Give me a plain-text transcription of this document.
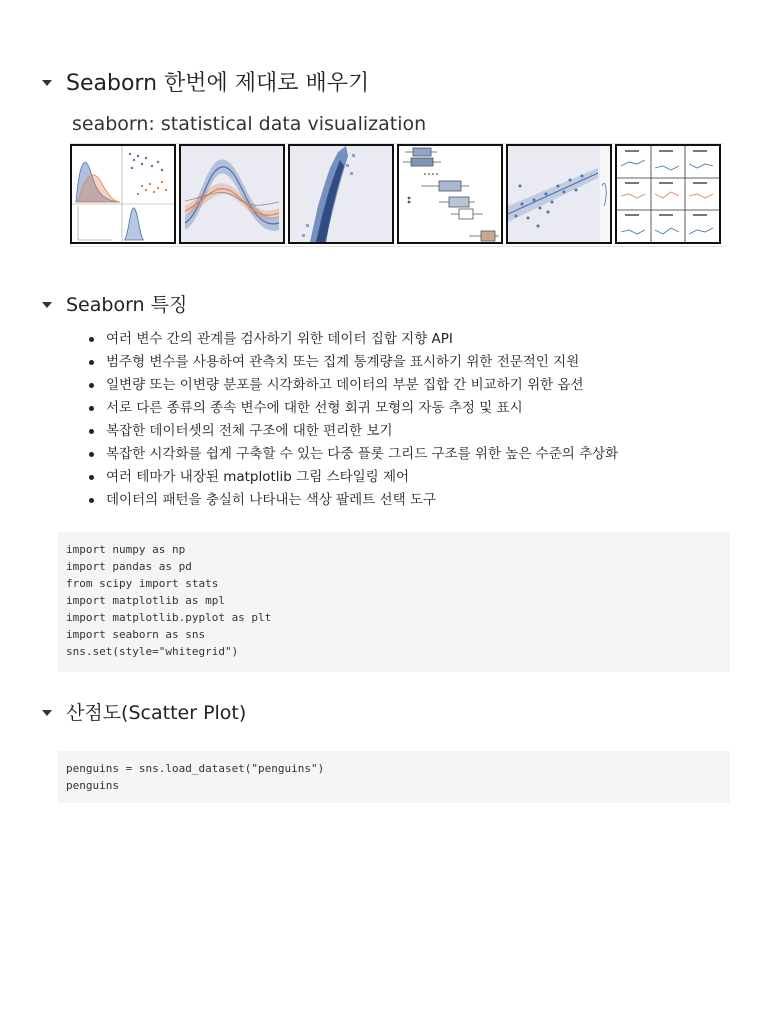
Seaborn 한번에 제대로 배우기
seaborn: statistical data visualization
Seaborn 특징
여러 변수 간의 관계를 검사하기 위한 데이터 집합 지향 API
범주형 변수를 사용하여 관측치 또는 집계 통계량을 표시하기 위한 전문적인 지원
일변량 또는 이변량 분포를 시각화하고 데이터의 부분 집합 간 비교하기 위한 옵션
서로 다른 종류의 종속 변수에 대한 선형 회귀 모형의 자동 추정 및 표시
복잡한 데이터셋의 전체 구조에 대한 편리한 보기
복잡한 시각화를 쉽게 구축할 수 있는 다중 플롯 그리드 구조를 위한 높은 수준의 추상화
여러 테마가 내장된 matplotlib 그림 스타일링 제어
데이터의 패턴을 충실히 나타내는 색상 팔레트 선택 도구
import numpy as np
import pandas as pd
from scipy import stats
import matplotlib as mpl
import matplotlib.pyplot as plt
import seaborn as sns
sns.set(style="whitegrid")
산점도(Scatter Plot)
penguins = sns.load_dataset("penguins")
penguins
